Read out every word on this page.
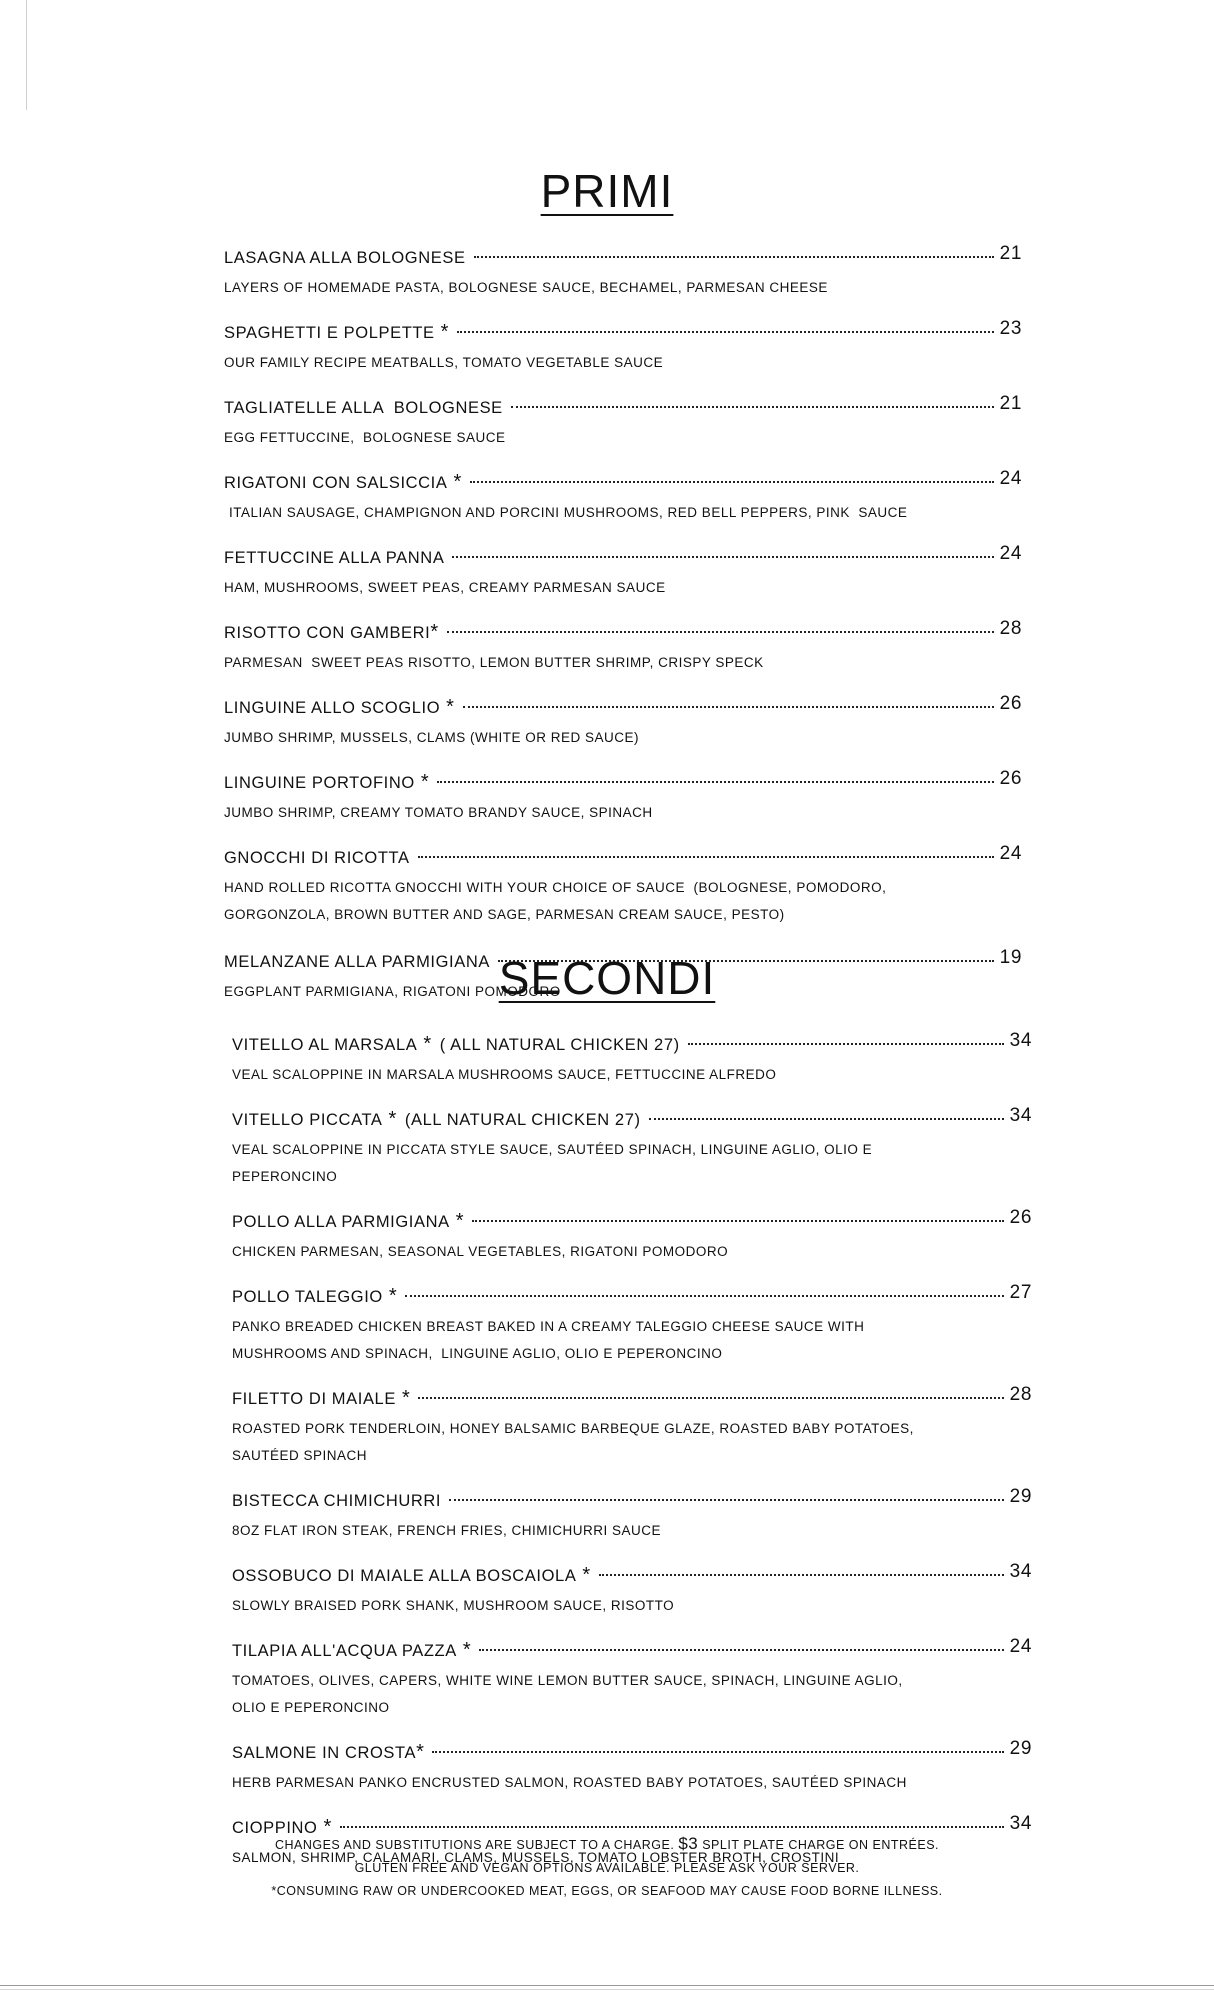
PRIMI
LASAGNA ALLA BOLOGNESE	21
LAYERS OF HOMEMADE PASTA, BOLOGNESE SAUCE, BECHAMEL, PARMESAN CHEESE
SPAGHETTI E POLPETTE *	23
OUR FAMILY RECIPE MEATBALLS, TOMATO VEGETABLE SAUCE
TAGLIATELLE ALLA  BOLOGNESE	21
EGG FETTUCCINE,  BOLOGNESE SAUCE
RIGATONI CON SALSICCIA *	24
ITALIAN SAUSAGE, CHAMPIGNON AND PORCINI MUSHROOMS, RED BELL PEPPERS, PINK  SAUCE
FETTUCCINE ALLA PANNA	24
HAM, MUSHROOMS, SWEET PEAS, CREAMY PARMESAN SAUCE
RISOTTO CON GAMBERI *	28
PARMESAN  SWEET PEAS RISOTTO, LEMON BUTTER SHRIMP, CRISPY SPECK
LINGUINE ALLO SCOGLIO *	26
JUMBO SHRIMP, MUSSELS, CLAMS (WHITE OR RED SAUCE)
LINGUINE PORTOFINO *	26
JUMBO SHRIMP, CREAMY TOMATO BRANDY SAUCE, SPINACH
GNOCCHI DI RICOTTA	24
HAND ROLLED RICOTTA GNOCCHI WITH YOUR CHOICE OF SAUCE  (BOLOGNESE, POMODORO,
GORGONZOLA, BROWN BUTTER AND SAGE, PARMESAN CREAM SAUCE, PESTO)
MELANZANE ALLA PARMIGIANA	19
EGGPLANT PARMIGIANA, RIGATONI POMODORO
SECONDI
VITELLO AL MARSALA * ( ALL NATURAL CHICKEN 27)	34
VEAL SCALOPPINE IN MARSALA MUSHROOMS SAUCE, FETTUCCINE ALFREDO
VITELLO PICCATA * (ALL NATURAL CHICKEN 27)	34
VEAL SCALOPPINE IN PICCATA STYLE SAUCE, SAUTÉED SPINACH, LINGUINE AGLIO, OLIO E
PEPERONCINO
POLLO ALLA PARMIGIANA *	26
CHICKEN PARMESAN, SEASONAL VEGETABLES, RIGATONI POMODORO
POLLO TALEGGIO *	27
PANKO BREADED CHICKEN BREAST BAKED IN A CREAMY TALEGGIO CHEESE SAUCE WITH
MUSHROOMS AND SPINACH,  LINGUINE AGLIO, OLIO E PEPERONCINO
FILETTO DI MAIALE *	28
ROASTED PORK TENDERLOIN, HONEY BALSAMIC BARBEQUE GLAZE, ROASTED BABY POTATOES,
SAUTÉED SPINACH
BISTECCA CHIMICHURRI	29
8OZ FLAT IRON STEAK, FRENCH FRIES, CHIMICHURRI SAUCE
OSSOBUCO DI MAIALE ALLA BOSCAIOLA *	34
SLOWLY BRAISED PORK SHANK, MUSHROOM SAUCE, RISOTTO
TILAPIA ALL'ACQUA PAZZA *	24
TOMATOES, OLIVES, CAPERS, WHITE WINE LEMON BUTTER SAUCE, SPINACH, LINGUINE AGLIO,
OLIO E PEPERONCINO
SALMONE IN CROSTA *	29
HERB PARMESAN PANKO ENCRUSTED SALMON, ROASTED BABY POTATOES, SAUTÉED SPINACH
CIOPPINO *	34
SALMON, SHRIMP, CALAMARI, CLAMS, MUSSELS, TOMATO LOBSTER BROTH, CROSTINI
CHANGES AND SUBSTITUTIONS ARE SUBJECT TO A CHARGE. $3 SPLIT PLATE CHARGE ON ENTRÉES.
GLUTEN FREE AND VEGAN OPTIONS AVAILABLE. PLEASE ASK YOUR SERVER.
*CONSUMING RAW OR UNDERCOOKED MEAT, EGGS, OR SEAFOOD MAY CAUSE FOOD BORNE ILLNESS.
